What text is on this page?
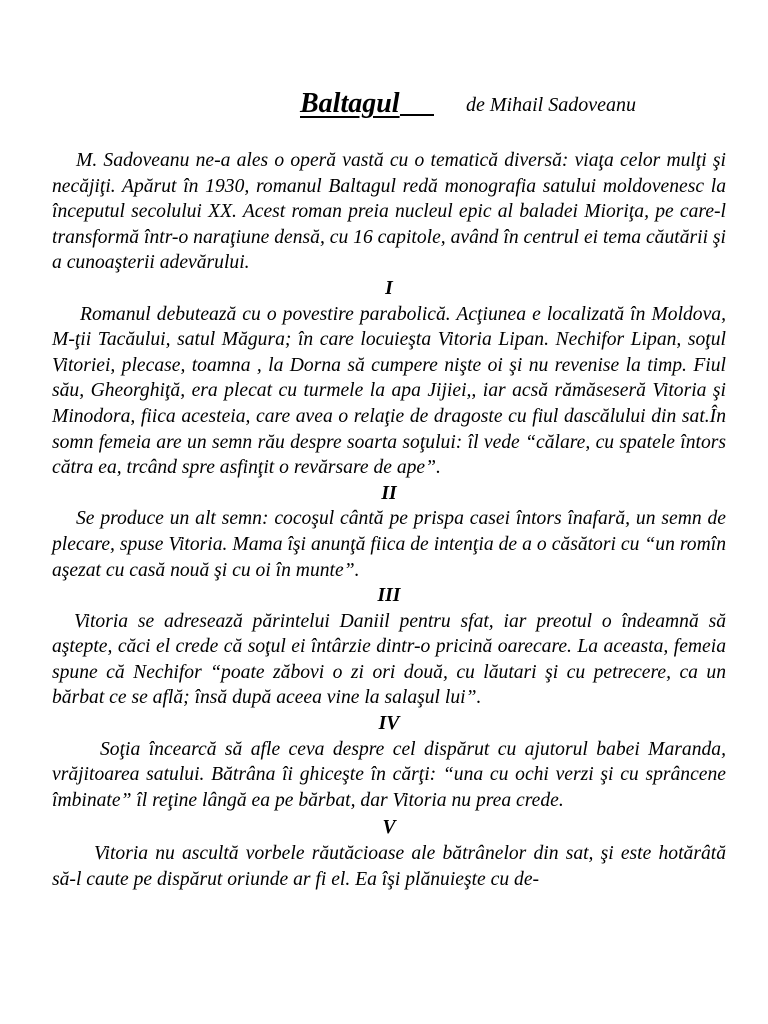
Baltagul	de Mihail Sadoveanu

M. Sadoveanu ne-a ales o operă vastă cu o tematică diversă: viaţa celor mulţi şi necăjiţi. Apărut în 1930, romanul Baltagul redă monografia satului moldovenesc la începutul secolului XX. Acest roman preia nucleul epic al baladei Mioriţa, pe care-l transformă într-o naraţiune densă, cu 16 capitole, având în centrul ei tema căutării şi a cunoaşterii adevărului.

I

Romanul debutează cu o povestire parabolică. Acţiunea e localizată în Moldova, M-ţii Tacăului, satul Măgura; în care locuieşta Vitoria Lipan. Nechifor Lipan, soţul Vitoriei, plecase, toamna , la Dorna să cumpere nişte oi şi nu revenise la timp. Fiul său, Gheorghiţă, era plecat cu turmele la apa Jijiei,, iar acsă rămăseseră Vitoria şi Minodora, fiica acesteia, care avea o relaţie de dragoste cu fiul dascălului din sat.În somn femeia are un semn rău despre soarta soţului: îl vede “călare, cu spatele întors cătra ea, trcând spre asfinţit o revărsare de ape”.

II

Se produce un alt semn: cocoşul cântă pe prispa casei întors înafară, un semn de plecare, spuse Vitoria. Mama îşi anunţă fiica de intenţia de a o căsători cu “un romîn aşezat cu casă nouă şi cu oi în munte”.

III

Vitoria se adresează părintelui Daniil pentru sfat, iar preotul o îndeamnă să aştepte, căci el crede că soţul ei întârzie dintr-o pricină oarecare. La aceasta, femeia spune că Nechifor “poate zăbovi o zi ori două, cu lăutari şi cu petrecere, ca un bărbat ce se află; însă după aceea vine la salaşul lui”.

IV

Soţia încearcă să afle ceva despre cel dispărut cu ajutorul babei Maranda, vrăjitoarea satului. Bătrâna îi ghiceşte în cărţi: “una cu ochi verzi şi cu sprâncene îmbinate” îl reţine lângă ea pe bărbat, dar Vitoria nu prea crede.

V

Vitoria nu ascultă vorbele răutăcioase ale bătrânelor din sat, şi este hotărâtă să-l caute pe dispărut oriunde ar fi el. Ea îşi plănuieşte cu de-
